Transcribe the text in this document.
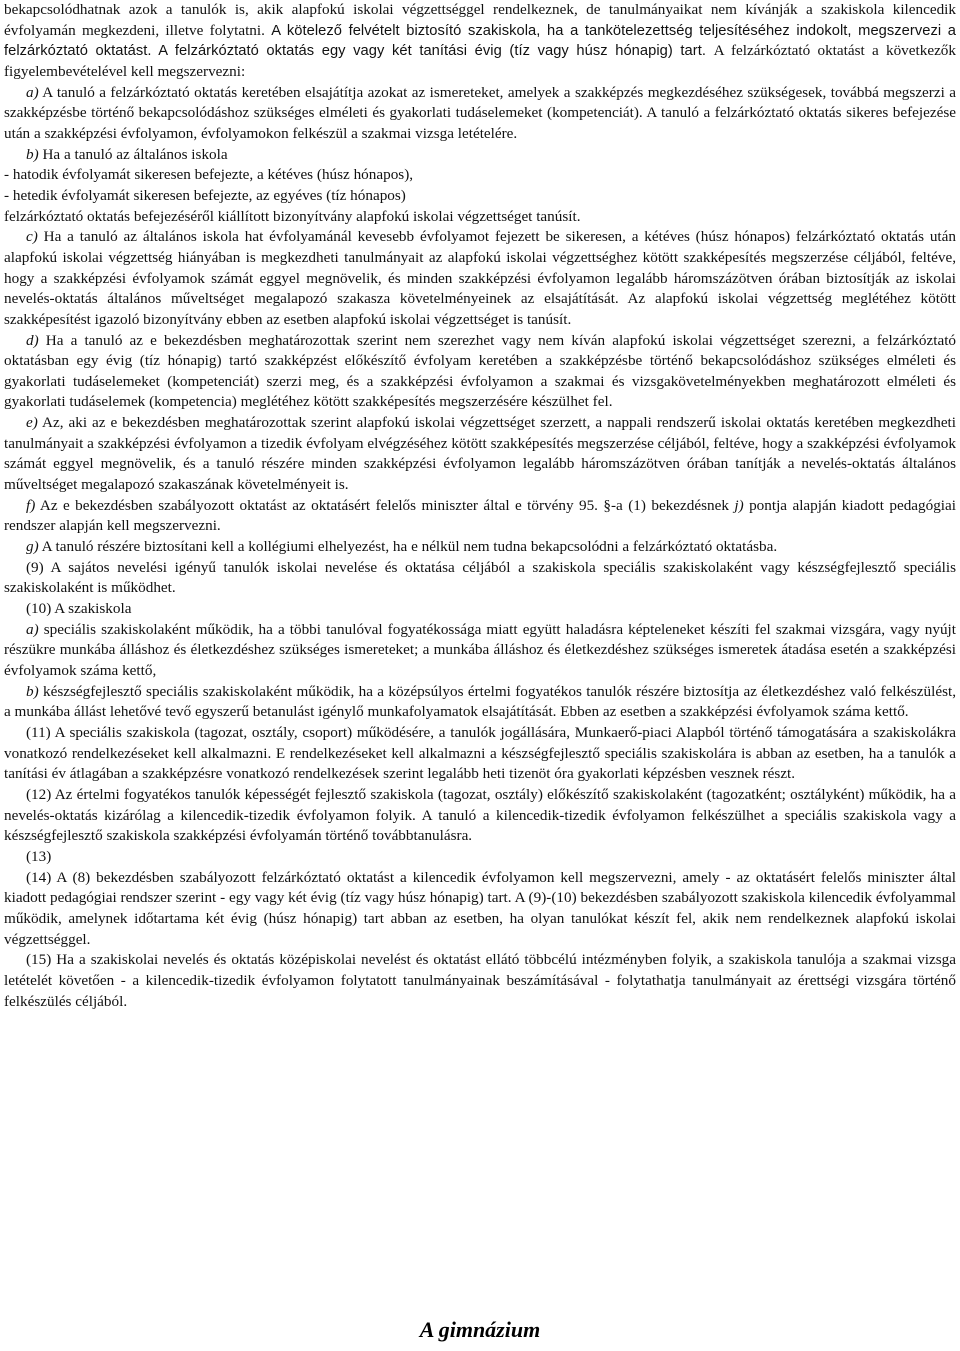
bekapcsolódhatnak azok a tanulók is, akik alapfokú iskolai végzettséggel rendelkeznek, de tanulmányaikat nem kívánják a szakiskola kilencedik évfolyamán megkezdeni, illetve folytatni. A kötelező felvételt biztosító szakiskola, ha a tankötelezettség teljesítéséhez indokolt, megszervezi a felzárkóztató oktatást. A felzárkóztató oktatás egy vagy két tanítási évig (tíz vagy húsz hónapig) tart. A felzárkóztató oktatást a következők figyelembevételével kell megszervezni:

a) A tanuló a felzárkóztató oktatás keretében elsajátítja azokat az ismereteket, amelyek a szakképzés megkezdéséhez szükségesek, továbbá megszerzi a szakképzésbe történő bekapcsolódáshoz szükséges elméleti és gyakorlati tudáselemeket (kompetenciát). A tanuló a felzárkóztató oktatás sikeres befejezése után a szakképzési évfolyamon, évfolyamokon felkészül a szakmai vizsga letételére.

b) Ha a tanuló az általános iskola

- hatodik évfolyamát sikeresen befejezte, a kétéves (húsz hónapos),

- hetedik évfolyamát sikeresen befejezte, az egyéves (tíz hónapos)

felzárkóztató oktatás befejezéséről kiállított bizonyítvány alapfokú iskolai végzettséget tanúsít.

c) Ha a tanuló az általános iskola hat évfolyamánál kevesebb évfolyamot fejezett be sikeresen, a kétéves (húsz hónapos) felzárkóztató oktatás után alapfokú iskolai végzettség hiányában is megkezdheti tanulmányait az alapfokú iskolai végzettséghez kötött szakképesítés megszerzése céljából, feltéve, hogy a szakképzési évfolyamok számát eggyel megnövelik, és minden szakképzési évfolyamon legalább háromszázötven órában biztosítják az iskolai nevelés-oktatás általános műveltséget megalapozó szakasza követelményeinek az elsajátítását. Az alapfokú iskolai végzettség meglétéhez kötött szakképesítést igazoló bizonyítvány ebben az esetben alapfokú iskolai végzettséget is tanúsít.

d) Ha a tanuló az e bekezdésben meghatározottak szerint nem szerezhet vagy nem kíván alapfokú iskolai végzettséget szerezni, a felzárkóztató oktatásban egy évig (tíz hónapig) tartó szakképzést előkészítő évfolyam keretében a szakképzésbe történő bekapcsolódáshoz szükséges elméleti és gyakorlati tudáselemeket (kompetenciát) szerzi meg, és a szakképzési évfolyamon a szakmai és vizsgakövetelményekben meghatározott elméleti és gyakorlati tudáselemek (kompetencia) meglétéhez kötött szakképesítés megszerzésére készülhet fel.

e) Az, aki az e bekezdésben meghatározottak szerint alapfokú iskolai végzettséget szerzett, a nappali rendszerű iskolai oktatás keretében megkezdheti tanulmányait a szakképzési évfolyamon a tizedik évfolyam elvégzéséhez kötött szakképesítés megszerzése céljából, feltéve, hogy a szakképzési évfolyamok számát eggyel megnövelik, és a tanuló részére minden szakképzési évfolyamon legalább háromszázötven órában tanítják a nevelés-oktatás általános műveltséget megalapozó szakaszának követelményeit is.

f) Az e bekezdésben szabályozott oktatást az oktatásért felelős miniszter által e törvény 95. §-a (1) bekezdésnek j) pontja alapján kiadott pedagógiai rendszer alapján kell megszervezni.

g) A tanuló részére biztosítani kell a kollégiumi elhelyezést, ha e nélkül nem tudna bekapcsolódni a felzárkóztató oktatásba.

(9) A sajátos nevelési igényű tanulók iskolai nevelése és oktatása céljából a szakiskola speciális szakiskolaként vagy készségfejlesztő speciális szakiskolaként is működhet.

(10) A szakiskola

a) speciális szakiskolaként működik, ha a többi tanulóval fogyatékossága miatt együtt haladásra képteleneket készíti fel szakmai vizsgára, vagy nyújt részükre munkába álláshoz és életkezdéshez szükséges ismereteket; a munkába álláshoz és életkezdéshez szükséges ismeretek átadása esetén a szakképzési évfolyamok száma kettő,

b) készségfejlesztő speciális szakiskolaként működik, ha a középsúlyos értelmi fogyatékos tanulók részére biztosítja az életkezdéshez való felkészülést, a munkába állást lehetővé tevő egyszerű betanulást igénylő munkafolyamatok elsajátítását. Ebben az esetben a szakképzési évfolyamok száma kettő.

(11) A speciális szakiskola (tagozat, osztály, csoport) működésére, a tanulók jogállására, Munkaerő-piaci Alapból történő támogatására a szakiskolákra vonatkozó rendelkezéseket kell alkalmazni. E rendelkezéseket kell alkalmazni a készségfejlesztő speciális szakiskolára is abban az esetben, ha a tanulók a tanítási év átlagában a szakképzésre vonatkozó rendelkezések szerint legalább heti tizenöt óra gyakorlati képzésben vesznek részt.

(12) Az értelmi fogyatékos tanulók képességét fejlesztő szakiskola (tagozat, osztály) előkészítő szakiskolaként (tagozatként; osztályként) működik, ha a nevelés-oktatás kizárólag a kilencedik-tizedik évfolyamon folyik. A tanuló a kilencedik-tizedik évfolyamon felkészülhet a speciális szakiskola vagy a készségfejlesztő szakiskola szakképzési évfolyamán történő továbbtanulásra.

(13)

(14) A (8) bekezdésben szabályozott felzárkóztató oktatást a kilencedik évfolyamon kell megszervezni, amely - az oktatásért felelős miniszter által kiadott pedagógiai rendszer szerint - egy vagy két évig (tíz vagy húsz hónapig) tart. A (9)-(10) bekezdésben szabályozott szakiskola kilencedik évfolyammal működik, amelynek időtartama két évig (húsz hónapig) tart abban az esetben, ha olyan tanulókat készít fel, akik nem rendelkeznek alapfokú iskolai végzettséggel.

(15) Ha a szakiskolai nevelés és oktatás középiskolai nevelést és oktatást ellátó többcélú intézményben folyik, a szakiskola tanulója a szakmai vizsga letételét követően - a kilencedik-tizedik évfolyamon folytatott tanulmányainak beszámításával - folytathatja tanulmányait az érettségi vizsgára történő felkészülés céljából.

A gimnázium
